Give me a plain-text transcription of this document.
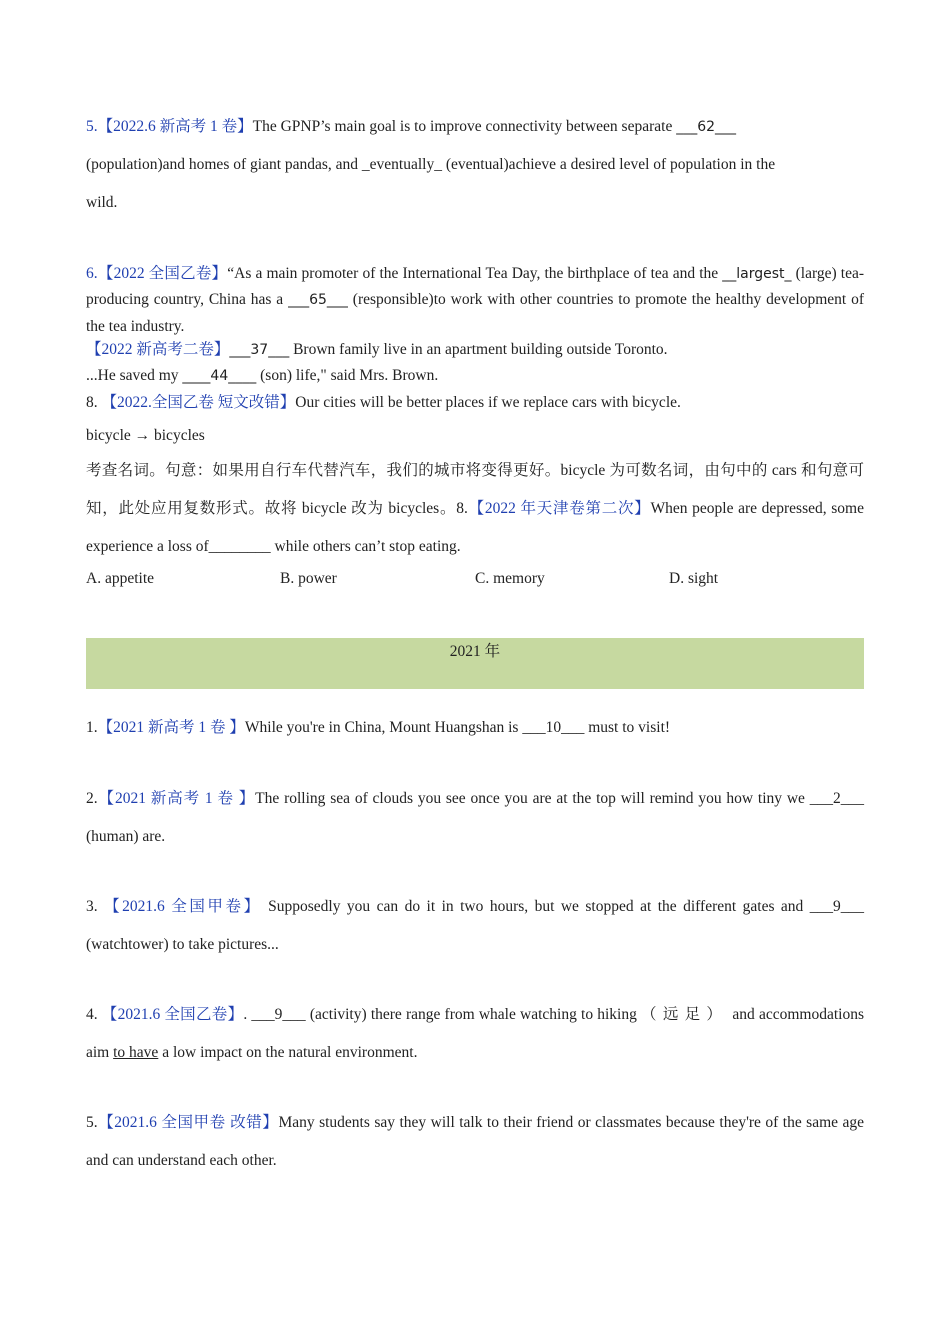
5.【2022.6 新高考 1 卷】The GPNP’s main goal is to improve connectivity between separate ___62___
(population)and homes of giant pandas, and _eventually_ (eventual)achieve a desired level of population in the
wild.
6.【2022 全国乙卷】“As a main promoter of the International Tea Day, the birthplace of tea and the __largest_ (large) tea-producing country, China has a ___65___ (responsible)to work with other countries to promote the healthy development of the tea industry.
【2022 新高考二卷】___37___ Brown family live in an apartment building outside Toronto.
...He saved my ____44____ (son) life," said Mrs. Brown.
8. 【2022.全国乙卷 短文改错】Our cities will be better places if we replace cars with bicycle.
bicycle → bicycles
考查名词。句意：如果用自行车代替汽车，我们的城市将变得更好。bicycle 为可数名词，由句中的 cars 和句意可知，此处应用复数形式。故将 bicycle 改为 bicycles。8.【2022 年天津卷第二次】When people are depressed, some experience a loss of________ while others can’t stop eating.
A. appetite	B. power	C. memory	D. sight
2021 年
1.【2021 新高考 1 卷 】While you're in China, Mount Huangshan is ___10___ must to visit!
2.【2021 新高考 1 卷 】The rolling sea of clouds you see once you are at the top will remind you how tiny we ___2___ (human) are.
3. 【2021.6 全国甲卷】 Supposedly you can do it in two hours, but we stopped at the different gates and ___9___ (watchtower) to take pictures...
4. 【2021.6 全国乙卷】. ___9___ (activity) there range from whale watching to hiking （远足） and accommodations aim to have a low impact on the natural environment.
5.【2021.6 全国甲卷 改错】Many students say they will talk to their friend or classmates because they're of the same age and can understand each other.
